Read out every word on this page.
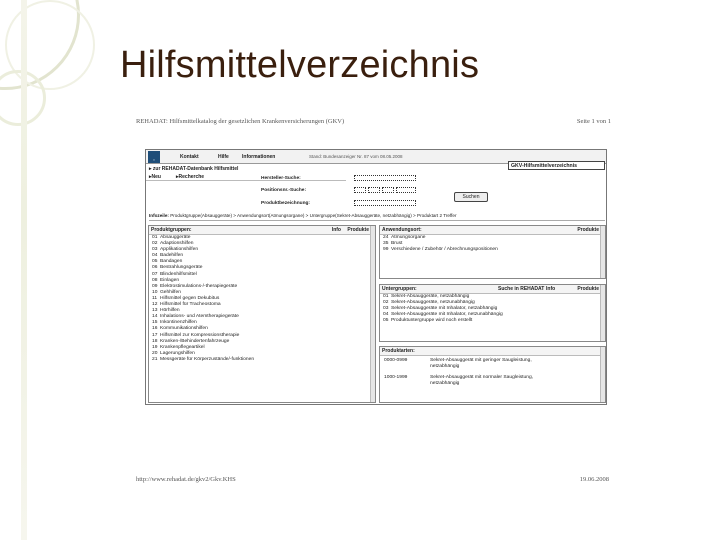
Hilfsmittelverzeichnis
REHADAT: Hilfsmittelkatalog der gesetzlichen Krankenversicherungen (GKV)	Seite 1 von 1
▪	Kontakt	Hilfe	Informationen	Stand: Bundesanzeiger Nr. 87 vom 08.05.2008
GKV-Hilfsmittelverzeichnis
▸ zur REHADAT-Datenbank Hilfsmittel
▸Neu	▸Recherche	Hersteller-Suche:
Positionsnr.-Suche:
Suchen
Produktbezeichnung:
Infozeile: Produktgruppe(Absauggeräte) > Anwendungsort(Atmungsorgane) > Untergruppe(Sekret-Absauggeräte, netzabhängig) > Produktart 2 Treffer
Produktgruppen:	Info Produkte
01 Absauggeräte
02 Adaptionshilfen
03 Applikationshilfen
04 Badehilfen
05 Bandagen
06 Bestrahlungsgeräte
07 Blindenhilfsmittel
08 Einlagen
09 Elektrostimulations-/-therapiegeräte
10 Gehhilfen
11 Hilfsmittel gegen Dekubitus
12 Hilfsmittel für Tracheostoma
13 Hörhilfen
14 Inhalations- und Atemtherapiegeräte
15 Inkontinenzhilfen
16 Kommunikationshilfen
17 Hilfsmittel zur Kompressionstherapie
18 Kranken-/Behindertenfahrzeuge
19 Krankenpflegeartikel
20 Lagerungshilfen
21 Messgeräte für Körperzustände/-funktionen
Anwendungsort:	Produkte
24 Atmungsorgane
35 Brust
99 Verschiedene / Zubehör / Abrechnungspositionen
Untergruppen:	Suche in REHADAT Info	Produkte
01 Sekret-Absauggeräte, netzabhängig
02 Sekret-Absauggeräte, netzunabhängig
03 Sekret-Absauggeräte mit Inhalator, netzabhängig
04 Sekret-Absauggeräte mit Inhalator, netzunabhängig
05 Produktuntergruppe wird noch erstellt
Produktarten:
0000-0999	Sekret-Absauggerät mit geringer Saugleistung,
netzabhängig
1000-1999	Sekret-Absauggerät mit normaler Saugleistung,
netzabhängig
http://www.rehadat.de/gkv2/Gkv.KHS	19.06.2008
